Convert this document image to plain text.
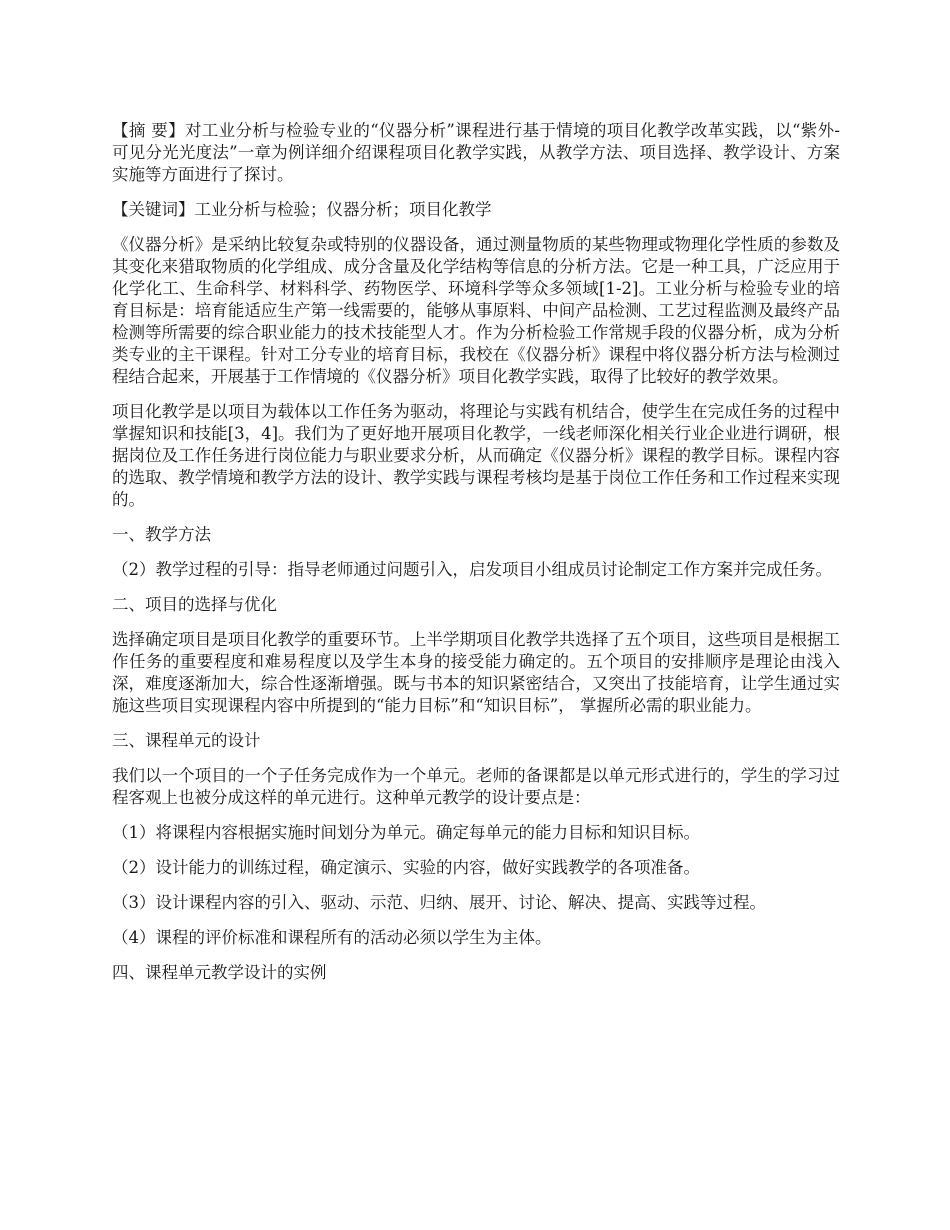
【摘 要】对工业分析与检验专业的“仪器分析”课程进行基于情境的项目化教学改革实践，以“紫外-可见分光光度法”一章为例详细介绍课程项目化教学实践，从教学方法、项目选择、教学设计、方案实施等方面进行了探讨。

【关键词】工业分析与检验；仪器分析；项目化教学

《仪器分析》是采纳比较复杂或特别的仪器设备，通过测量物质的某些物理或物理化学性质的参数及其变化来猎取物质的化学组成、成分含量及化学结构等信息的分析方法。它是一种工具，广泛应用于化学化工、生命科学、材料科学、药物医学、环境科学等众多领域[1-2]。工业分析与检验专业的培育目标是：培育能适应生产第一线需要的，能够从事原料、中间产品检测、工艺过程监测及最终产品检测等所需要的综合职业能力的技术技能型人才。作为分析检验工作常规手段的仪器分析，成为分析类专业的主干课程。针对工分专业的培育目标，我校在《仪器分析》课程中将仪器分析方法与检测过程结合起来，开展基于工作情境的《仪器分析》项目化教学实践，取得了比较好的教学效果。

项目化教学是以项目为载体以工作任务为驱动，将理论与实践有机结合，使学生在完成任务的过程中掌握知识和技能[3，4]。我们为了更好地开展项目化教学，一线老师深化相关行业企业进行调研，根据岗位及工作任务进行岗位能力与职业要求分析，从而确定《仪器分析》课程的教学目标。课程内容的选取、教学情境和教学方法的设计、教学实践与课程考核均是基于岗位工作任务和工作过程来实现的。

一、教学方法

（2）教学过程的引导：指导老师通过问题引入，启发项目小组成员讨论制定工作方案并完成任务。

二、项目的选择与优化

选择确定项目是项目化教学的重要环节。上半学期项目化教学共选择了五个项目，这些项目是根据工作任务的重要程度和难易程度以及学生本身的接受能力确定的。五个项目的安排顺序是理论由浅入深，难度逐渐加大，综合性逐渐增强。既与书本的知识紧密结合，又突出了技能培育，让学生通过实施这些项目实现课程内容中所提到的“能力目标”和“知识目标”， 掌握所必需的职业能力。

三、课程单元的设计

我们以一个项目的一个子任务完成作为一个单元。老师的备课都是以单元形式进行的，学生的学习过程客观上也被分成这样的单元进行。这种单元教学的设计要点是：

（1）将课程内容根据实施时间划分为单元。确定每单元的能力目标和知识目标。

（2）设计能力的训练过程，确定演示、实验的内容，做好实践教学的各项准备。

（3）设计课程内容的引入、驱动、示范、归纳、展开、讨论、解决、提高、实践等过程。

（4）课程的评价标准和课程所有的活动必须以学生为主体。

四、课程单元教学设计的实例
